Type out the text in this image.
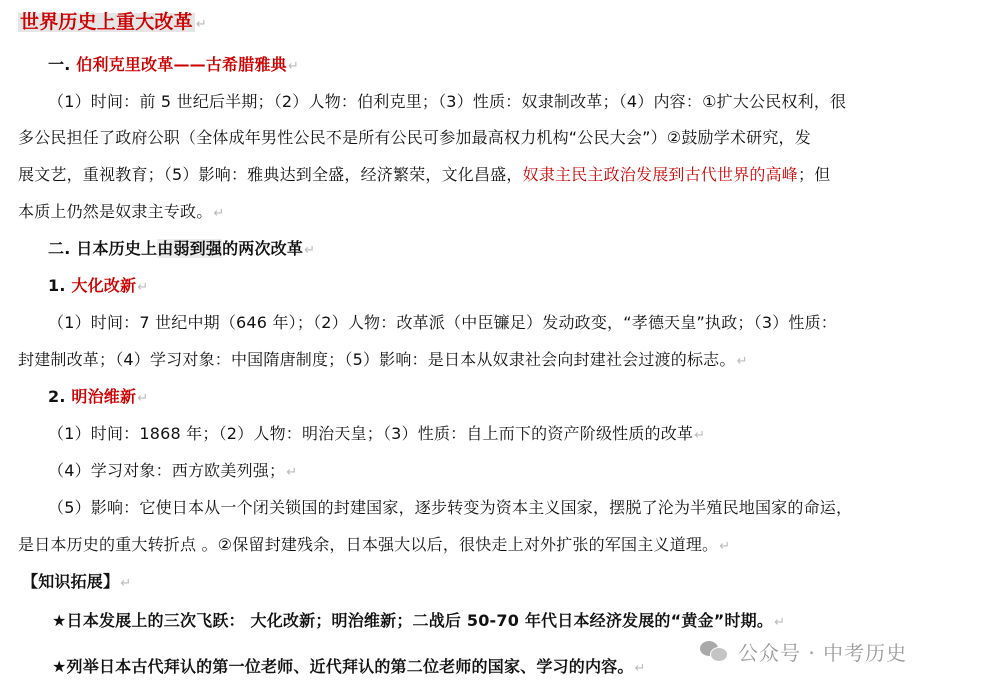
世界历史上重大改革 ↵
一. 伯利克里改革——古希腊雅典↵
（1）时间：前 5 世纪后半期；（2）人物：伯利克里；（3）性质：奴隶制改革；（4）内容：①扩大公民权利，很
多公民担任了政府公职（全体成年男性公民不是所有公民可参加最高权力机构“公民大会”）②鼓励学术研究，发
展文艺，重视教育；（5）影响：雅典达到全盛，经济繁荣，文化昌盛，奴隶主民主政治发展到古代世界的高峰；但
本质上仍然是奴隶主专政。↵
二. 日本历史上由弱到强的两次改革↵
1. 大化改新↵
（1）时间：7 世纪中期（646 年）；（2）人物：改革派（中臣镰足）发动政变，“孝德天皇”执政；（3）性质：
封建制改革；（4）学习对象：中国隋唐制度；（5）影响：是日本从奴隶社会向封建社会过渡的标志。↵
2. 明治维新↵
（1）时间：1868 年；（2）人物：明治天皇；（3）性质：自上而下的资产阶级性质的改革↵
（4）学习对象：西方欧美列强；↵
（5）影响：它使日本从一个闭关锁国的封建国家，逐步转变为资本主义国家，摆脱了沦为半殖民地国家的命运，
是日本历史的重大转折点 。②保留封建残余，日本强大以后，很快走上对外扩张的军国主义道理。↵
【知识拓展】↵
★日本发展上的三次飞跃： 大化改新；明治维新；二战后 50-70 年代日本经济发展的“黄金”时期。↵
★列举日本古代拜认的第一位老师、近代拜认的第二位老师的国家、学习的内容。↵
公众号 · 中考历史
